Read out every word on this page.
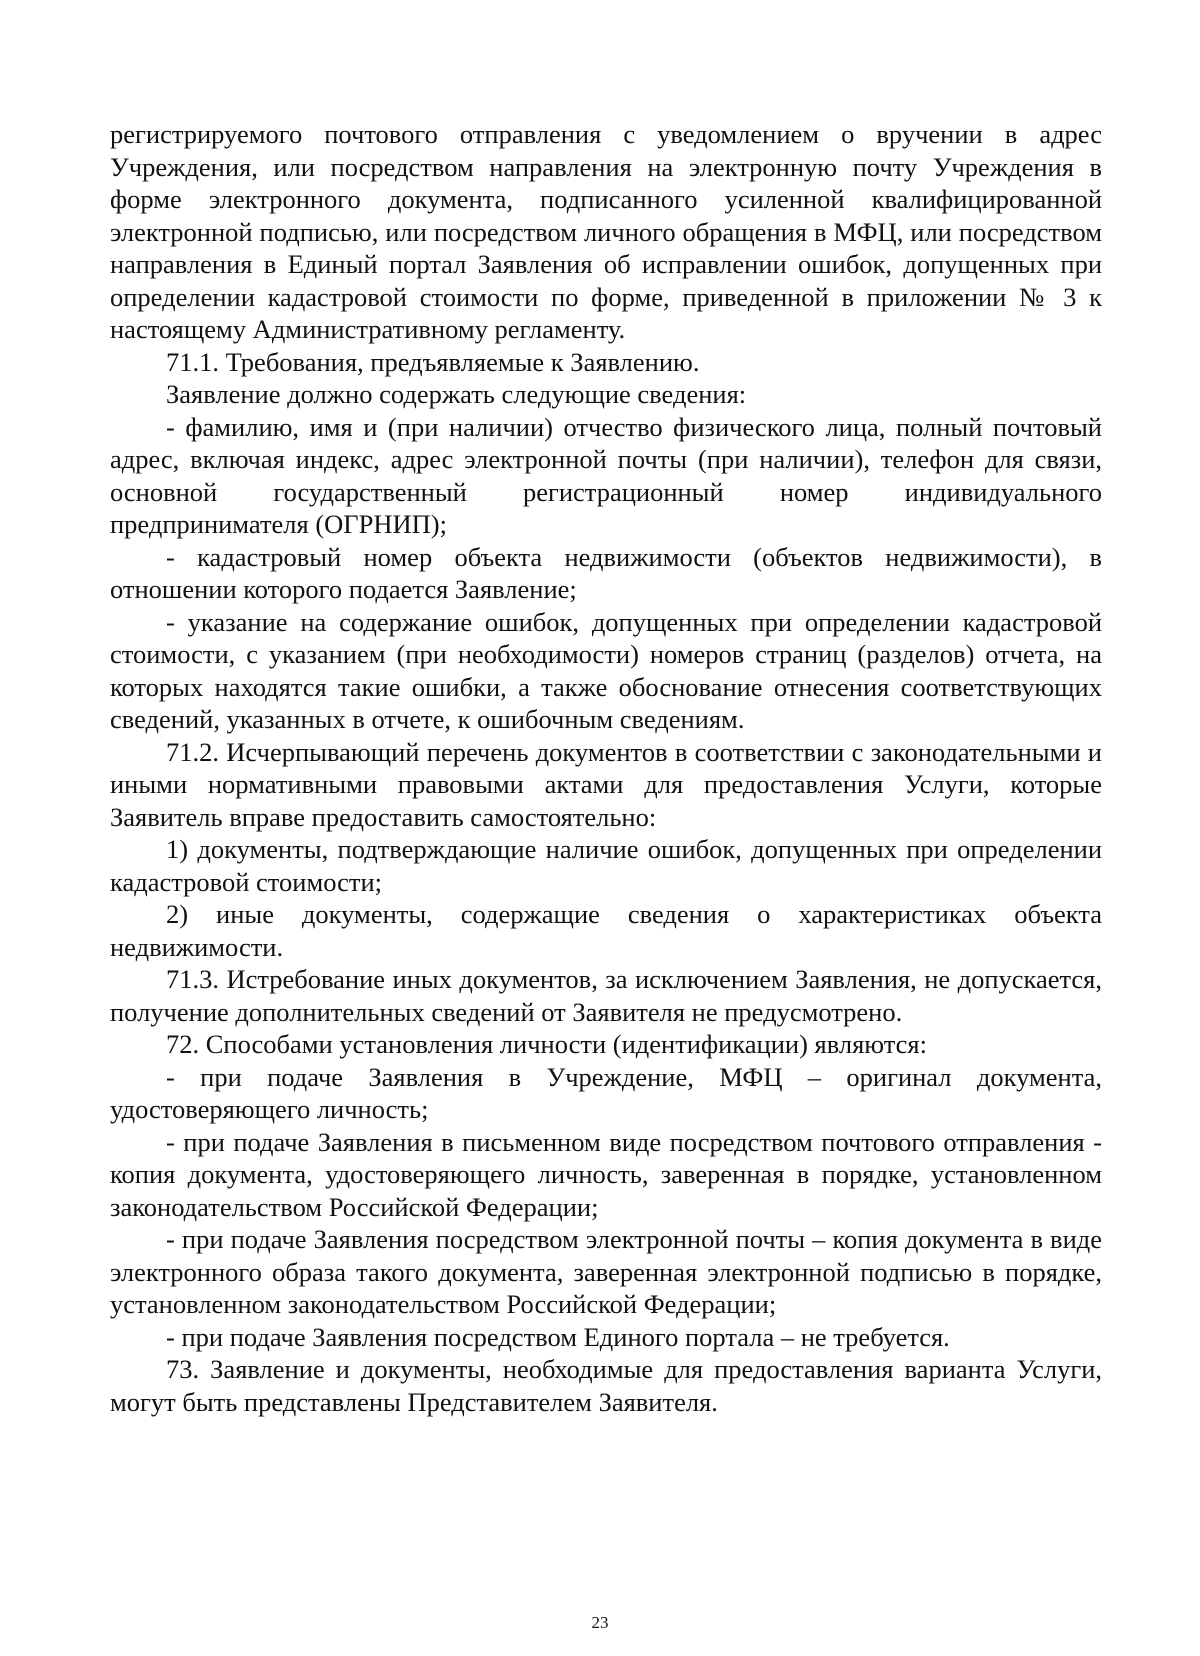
регистрируемого почтового отправления с уведомлением о вручении в адрес Учреждения, или посредством направления на электронную почту Учреждения в форме электронного документа, подписанного усиленной квалифицированной электронной подписью, или посредством личного обращения в МФЦ, или посредством направления в Единый портал Заявления об исправлении ошибок, допущенных при определении кадастровой стоимости по форме, приведенной в приложении № 3 к настоящему Административному регламенту.

71.1. Требования, предъявляемые к Заявлению.

Заявление должно содержать следующие сведения:

- фамилию, имя и (при наличии) отчество физического лица, полный почтовый адрес, включая индекс, адрес электронной почты (при наличии), телефон для связи, основной государственный регистрационный номер индивидуального предпринимателя (ОГРНИП);

- кадастровый номер объекта недвижимости (объектов недвижимости), в отношении которого подается Заявление;

- указание на содержание ошибок, допущенных при определении кадастровой стоимости, с указанием (при необходимости) номеров страниц (разделов) отчета, на которых находятся такие ошибки, а также обоснование отнесения соответствующих сведений, указанных в отчете, к ошибочным сведениям.

71.2. Исчерпывающий перечень документов в соответствии с законодательными и иными нормативными правовыми актами для предоставления Услуги, которые Заявитель вправе предоставить самостоятельно:

1) документы, подтверждающие наличие ошибок, допущенных при определении кадастровой стоимости;

2) иные документы, содержащие сведения о характеристиках объекта недвижимости.

71.3. Истребование иных документов, за исключением Заявления, не допускается, получение дополнительных сведений от Заявителя не предусмотрено.

72. Способами установления личности (идентификации) являются:

- при подаче Заявления в Учреждение, МФЦ – оригинал документа, удостоверяющего личность;

- при подаче Заявления в письменном виде посредством почтового отправления - копия документа, удостоверяющего личность, заверенная в порядке, установленном законодательством Российской Федерации;

- при подаче Заявления посредством электронной почты – копия документа в виде электронного образа такого документа, заверенная электронной подписью в порядке, установленном законодательством Российской Федерации;

- при подаче Заявления посредством Единого портала – не требуется.

73. Заявление и документы, необходимые для предоставления варианта Услуги, могут быть представлены Представителем Заявителя.

23
